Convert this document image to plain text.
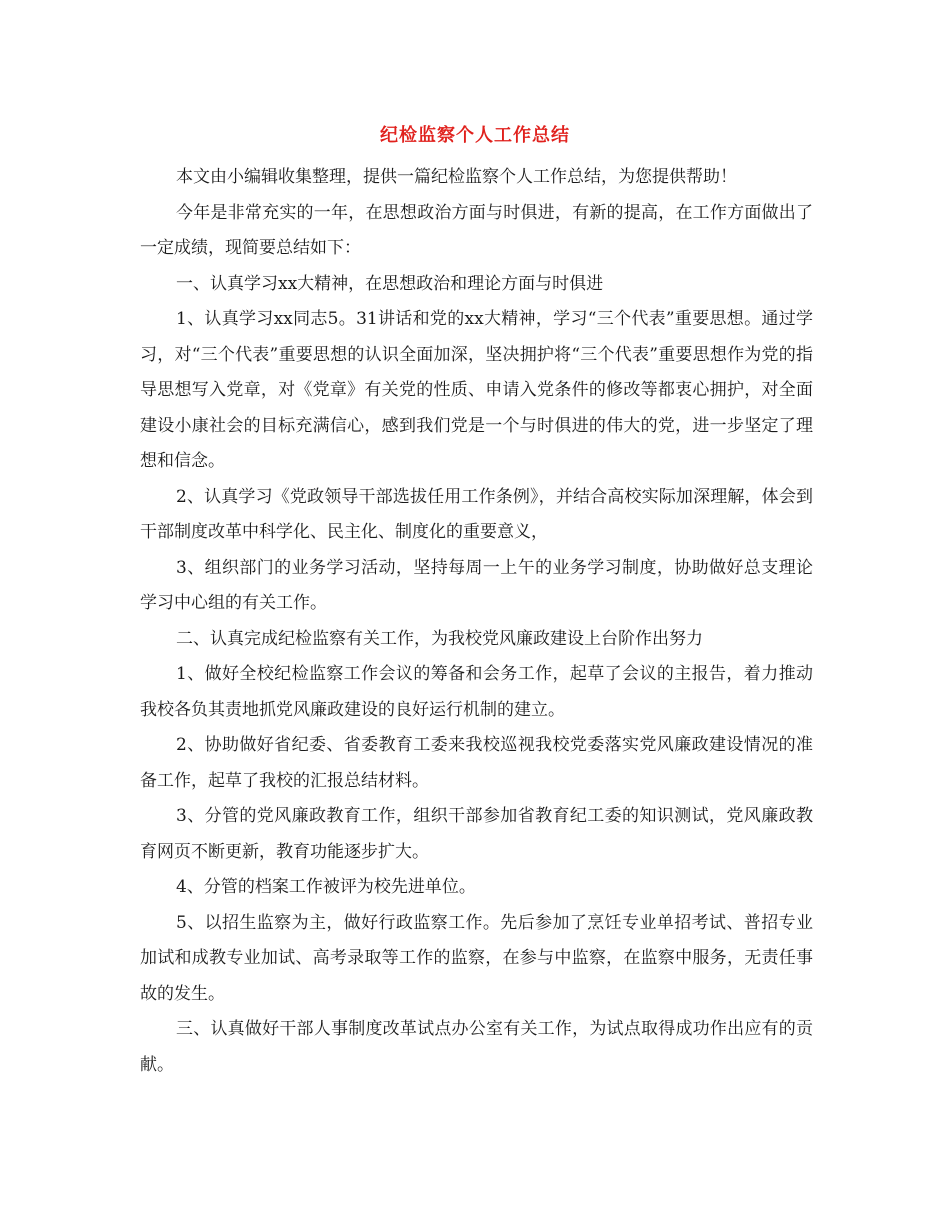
纪检监察个人工作总结

本文由小编辑收集整理，提供一篇纪检监察个人工作总结，为您提供帮助！

今年是非常充实的一年，在思想政治方面与时俱进，有新的提高，在工作方面做出了一定成绩，现简要总结如下：

一、认真学习xx大精神，在思想政治和理论方面与时俱进

1、认真学习xx同志5。31讲话和党的xx大精神，学习“三个代表”重要思想。通过学习，对“三个代表”重要思想的认识全面加深，坚决拥护将“三个代表”重要思想作为党的指导思想写入党章，对《党章》有关党的性质、申请入党条件的修改等都衷心拥护，对全面建设小康社会的目标充满信心，感到我们党是一个与时俱进的伟大的党，进一步坚定了理想和信念。

2、认真学习《党政领导干部选拔任用工作条例》，并结合高校实际加深理解，体会到干部制度改革中科学化、民主化、制度化的重要意义，

3、组织部门的业务学习活动，坚持每周一上午的业务学习制度，协助做好总支理论学习中心组的有关工作。

二、认真完成纪检监察有关工作，为我校党风廉政建设上台阶作出努力

1、做好全校纪检监察工作会议的筹备和会务工作，起草了会议的主报告，着力推动我校各负其责地抓党风廉政建设的良好运行机制的建立。

2、协助做好省纪委、省委教育工委来我校巡视我校党委落实党风廉政建设情况的准备工作，起草了我校的汇报总结材料。

3、分管的党风廉政教育工作，组织干部参加省教育纪工委的知识测试，党风廉政教育网页不断更新，教育功能逐步扩大。

4、分管的档案工作被评为校先进单位。

5、以招生监察为主，做好行政监察工作。先后参加了烹饪专业单招考试、普招专业加试和成教专业加试、高考录取等工作的监察，在参与中监察，在监察中服务，无责任事故的发生。

三、认真做好干部人事制度改革试点办公室有关工作，为试点取得成功作出应有的贡献。
